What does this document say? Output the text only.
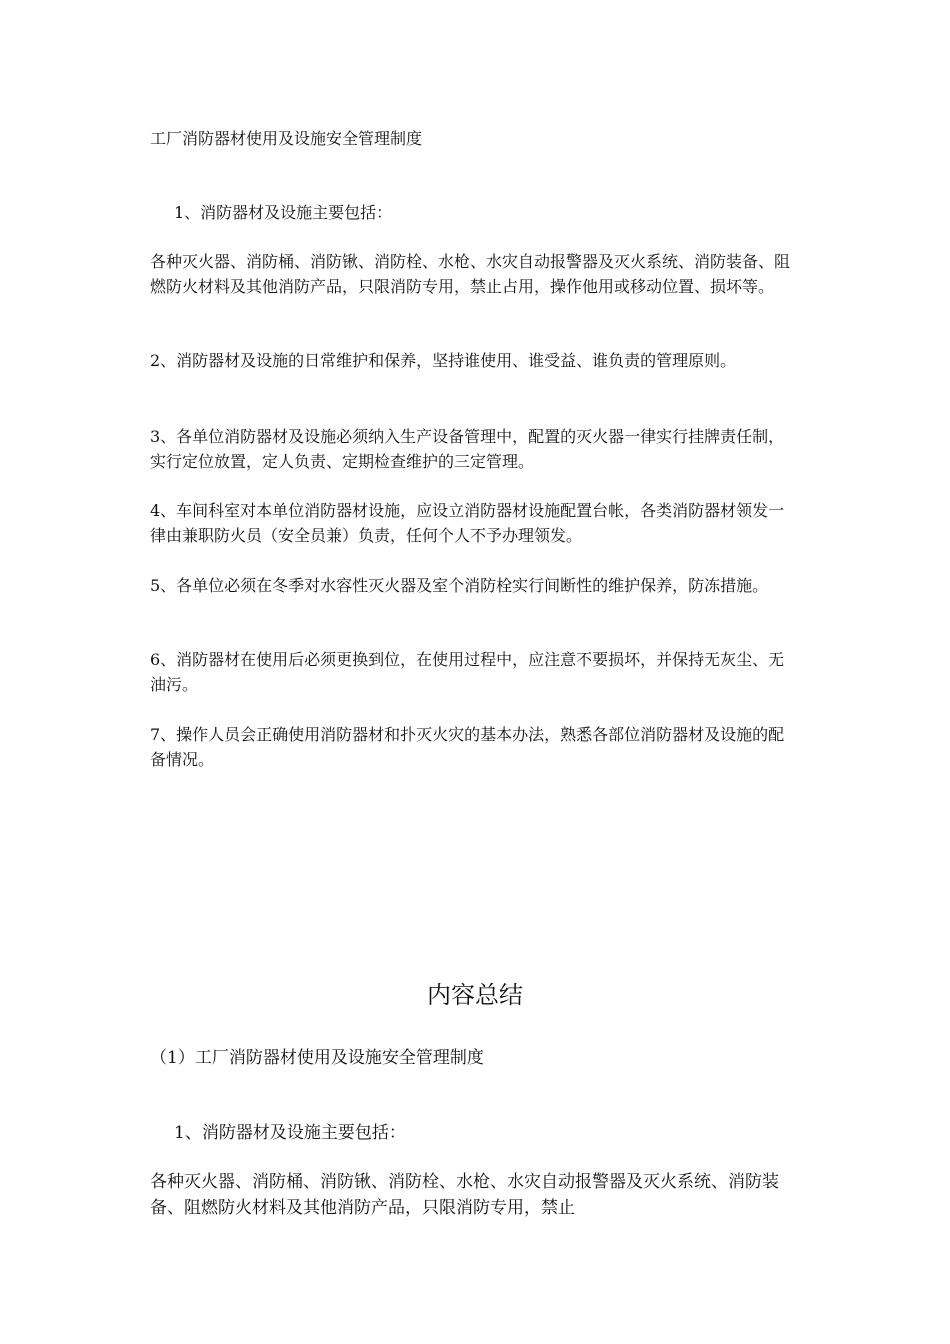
工厂消防器材使用及设施安全管理制度

1、消防器材及设施主要包括：

各种灭火器、消防桶、消防锹、消防栓、水枪、水灾自动报警器及灭火系统、消防装备、阻燃防火材料及其他消防产品，只限消防专用，禁止占用，操作他用或移动位置、损坏等。

2、消防器材及设施的日常维护和保养，坚持谁使用、谁受益、谁负责的管理原则。

3、各单位消防器材及设施必须纳入生产设备管理中，配置的灭火器一律实行挂牌责任制，实行定位放置，定人负责、定期检查维护的三定管理。

4、车间科室对本单位消防器材设施，应设立消防器材设施配置台帐，各类消防器材领发一律由兼职防火员（安全员兼）负责，任何个人不予办理领发。

5、各单位必须在冬季对水容性灭火器及室个消防栓实行间断性的维护保养，防冻措施。

6、消防器材在使用后必须更换到位，在使用过程中，应注意不要损坏，并保持无灰尘、无油污。

7、操作人员会正确使用消防器材和扑灭火灾的基本办法，熟悉各部位消防器材及设施的配备情况。

内容总结

（1）工厂消防器材使用及设施安全管理制度

1、消防器材及设施主要包括：

各种灭火器、消防桶、消防锹、消防栓、水枪、水灾自动报警器及灭火系统、消防装备、阻燃防火材料及其他消防产品，只限消防专用，禁止
